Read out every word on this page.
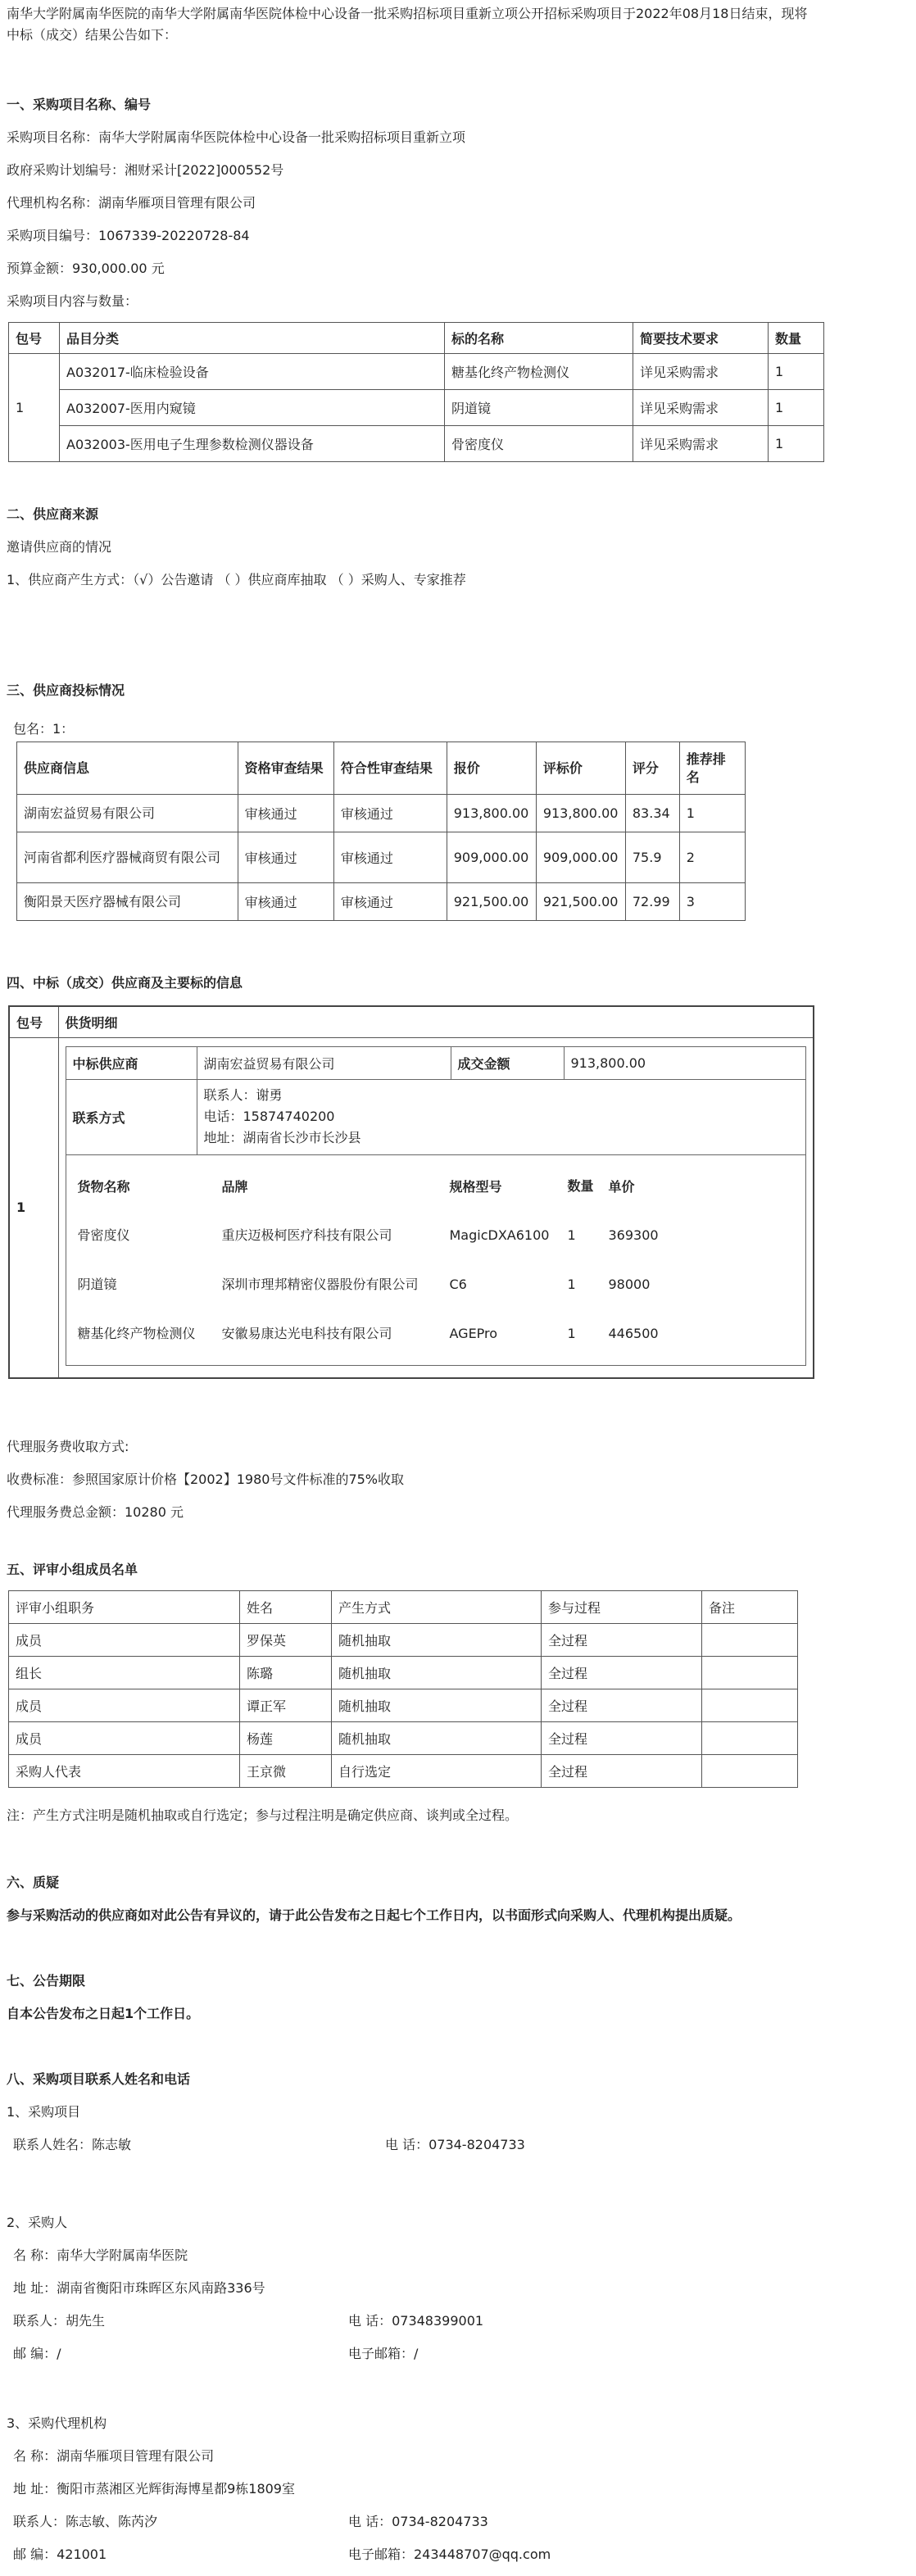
南华大学附属南华医院的南华大学附属南华医院体检中心设备一批采购招标项目重新立项公开招标采购项目于2022年08月18日结束，现将
中标（成交）结果公告如下：
一、采购项目名称、编号
采购项目名称：南华大学附属南华医院体检中心设备一批采购招标项目重新立项
政府采购计划编号：湘财采计[2022]000552号
代理机构名称：湖南华雁项目管理有限公司
采购项目编号：1067339-20220728-84
预算金额：930,000.00 元
采购项目内容与数量：
包号	品目分类	标的名称	简要技术要求	数量
1	A032017-临床检验设备	糖基化终产物检测仪	详见采购需求	1
	A032007-医用内窥镜	阴道镜	详见采购需求	1
	A032003-医用电子生理参数检测仪器设备	骨密度仪	详见采购需求	1
二、供应商来源
邀请供应商的情况
1、供应商产生方式：（√）公告邀请 （ ）供应商库抽取 （ ）采购人、专家推荐
三、供应商投标情况
包名：1：
供应商信息	资格审查结果	符合性审查结果	报价	评标价	评分	推荐排名
湖南宏益贸易有限公司	审核通过	审核通过	913,800.00	913,800.00	83.34	1
河南省都利医疗器械商贸有限公司	审核通过	审核通过	909,000.00	909,000.00	75.9	2
衡阳景天医疗器械有限公司	审核通过	审核通过	921,500.00	921,500.00	72.99	3
四、中标（成交）供应商及主要标的信息
包号	供货明细
1	
中标供应商	湖南宏益贸易有限公司	成交金额	913,800.00
联系方式	
联系人：谢勇
电话：15874740200
地址：湖南省长沙市长沙县

货物名称	品牌	规格型号	数量	单价
骨密度仪	重庆迈极柯医疗科技有限公司	MagicDXA6100	1	369300
阴道镜	深圳市理邦精密仪器股份有限公司	C6	1	98000
糖基化终产物检测仪	安徽易康达光电科技有限公司	AGEPro	1	446500
代理服务费收取方式:
收费标准：参照国家原计价格【2002】1980号文件标准的75%收取
代理服务费总金额：10280 元
五、评审小组成员名单
评审小组职务	姓名	产生方式	参与过程	备注
成员	罗保英	随机抽取	全过程	
组长	陈璐	随机抽取	全过程	
成员	谭正军	随机抽取	全过程	
成员	杨莲	随机抽取	全过程	
采购人代表	王京微	自行选定	全过程	
注：产生方式注明是随机抽取或自行选定；参与过程注明是确定供应商、谈判或全过程。
六、质疑
参与采购活动的供应商如对此公告有异议的，请于此公告发布之日起七个工作日内，以书面形式向采购人、代理机构提出质疑。
七、公告期限
自本公告发布之日起1个工作日。
八、采购项目联系人姓名和电话
1、采购项目
联系人姓名：陈志敏	电 话：0734-8204733
2、采购人
名 称：南华大学附属南华医院
地 址：湖南省衡阳市珠晖区东风南路336号
联系人：胡先生	电 话：07348399001
邮 编：/	电子邮箱：/
3、采购代理机构
名 称：湖南华雁项目管理有限公司
地 址：衡阳市蒸湘区光辉街海博星都9栋1809室
联系人：陈志敏、陈芮汐	电 话：0734-8204733
邮 编：421001	电子邮箱：243448707@qq.com
